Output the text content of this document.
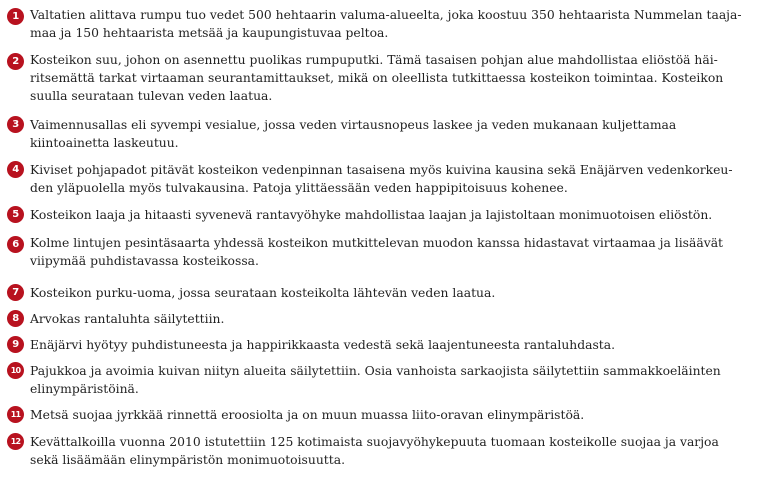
1 Valtatien alittava rumpu tuo vedet 500 hehtaarin valuma-alueelta, joka koostuu 350 hehtaarista Nummelan taaja-
maa ja 150 hehtaarista metsää ja kaupungistuvaa peltoa.
2 Kosteikon suu, johon on asennettu puolikas rumpuputki. Tämä tasaisen pohjan alue mahdollistaa eliöstöä häi-
ritsemättä tarkat virtaaman seurantamittaukset, mikä on oleellista tutkittaessa kosteikon toimintaa. Kosteikon
suulla seurataan tulevan veden laatua.
3 Vaimennusallas eli syvempi vesialue, jossa veden virtausnopeus laskee ja veden mukanaan kuljettamaa
kiintoainetta laskeutuu.
4 Kiviset pohjapadot pitävät kosteikon vedenpinnan tasaisena myös kuivina kausina sekä Enäjärven vedenkorkeu-
den yläpuolella myös tulvakausina. Patoja ylittäessään veden happipitoisuus kohenee.
5 Kosteikon laaja ja hitaasti syvenevä rantavyöhyke mahdollistaa laajan ja lajistoltaan monimuotoisen eliöstön.
6 Kolme lintujen pesintäsaarta yhdessä kosteikon mutkittelevan muodon kanssa hidastavat virtaamaa ja lisäävät
viipymää puhdistavassa kosteikossa.
7 Kosteikon purku-uoma, jossa seurataan kosteikolta lähtevän veden laatua.
8 Arvokas rantaluhta säilytettiin.
9 Enäjärvi hyötyy puhdistuneesta ja happirikkaasta vedestä sekä laajentuneesta rantaluhdasta.
10 Pajukkoa ja avoimia kuivan niityn alueita säilytettiin. Osia vanhoista sarkaojista säilytettiin sammakkoeläinten
elinympäristöinä.
11 Metsä suojaa jyrkkää rinnettä eroosiolta ja on muun muassa liito-oravan elinympäristöä.
12 Kevättalkoilla vuonna 2010 istutettiin 125 kotimaista suojavyöhykepuuta tuomaan kosteikolle suojaa ja varjoa
sekä lisäämään elinympäristön monimuotoisuutta.
